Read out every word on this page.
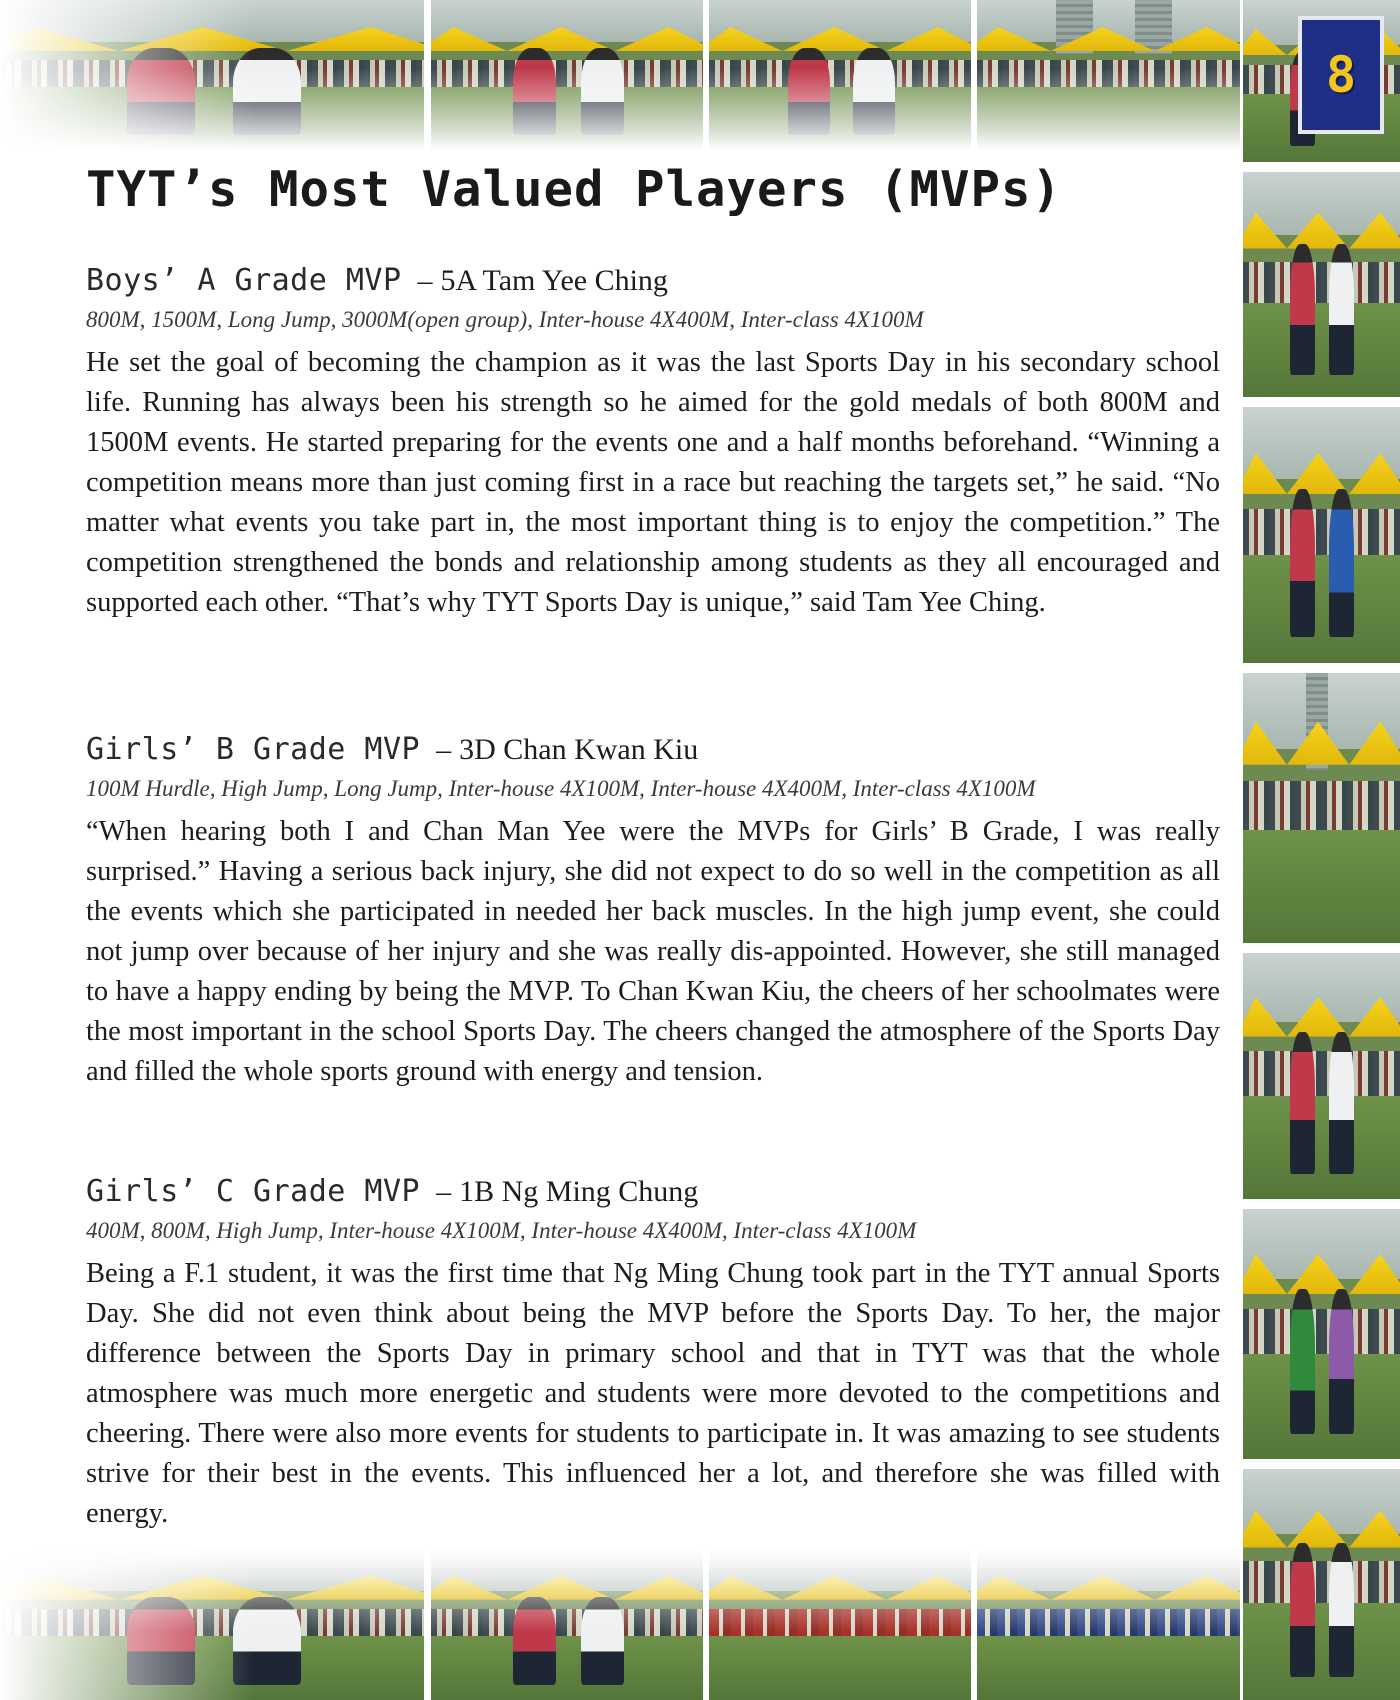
8
TYT’s Most Valued Players (MVPs)
Boys’ A Grade MVP – 5A Tam Yee Ching
800M, 1500M, Long Jump, 3000M(open group), Inter-house 4X400M, Inter-class 4X100M
He set the goal of becoming the champion as it was the last Sports Day in his secondary school life. Running has always been his strength so he aimed for the gold medals of both 800M and 1500M events. He started preparing for the events one and a half months beforehand. “Winning a competition means more than just coming first in a race but reaching the targets set,” he said. “No matter what events you take part in, the most important thing is to enjoy the competition.” The competition strengthened the bonds and relationship among students as they all encouraged and supported each other. “That’s why TYT Sports Day is unique,” said Tam Yee Ching.
Girls’ B Grade MVP – 3D Chan Kwan Kiu
100M Hurdle, High Jump, Long Jump, Inter-house 4X100M, Inter-house 4X400M, Inter-class 4X100M
“When hearing both I and Chan Man Yee were the MVPs for Girls’ B Grade, I was really surprised.” Having a serious back injury, she did not expect to do so well in the competition as all the events which she participated in needed her back muscles. In the high jump event, she could not jump over because of her injury and she was really dis-appointed. However, she still managed to have a happy ending by being the MVP. To Chan Kwan Kiu, the cheers of her schoolmates were the most important in the school Sports Day. The cheers changed the atmosphere of the Sports Day and filled the whole sports ground with energy and tension.
Girls’ C Grade MVP – 1B Ng Ming Chung
400M, 800M, High Jump, Inter-house 4X100M, Inter-house 4X400M, Inter-class 4X100M
Being a F.1 student, it was the first time that Ng Ming Chung took part in the TYT annual Sports Day. She did not even think about being the MVP before the Sports Day. To her, the major difference between the Sports Day in primary school and that in TYT was that the whole atmosphere was much more energetic and students were more devoted to the competitions and cheering. There were also more events for students to participate in. It was amazing to see students strive for their best in the events. This influenced her a lot, and therefore she was filled with energy.
